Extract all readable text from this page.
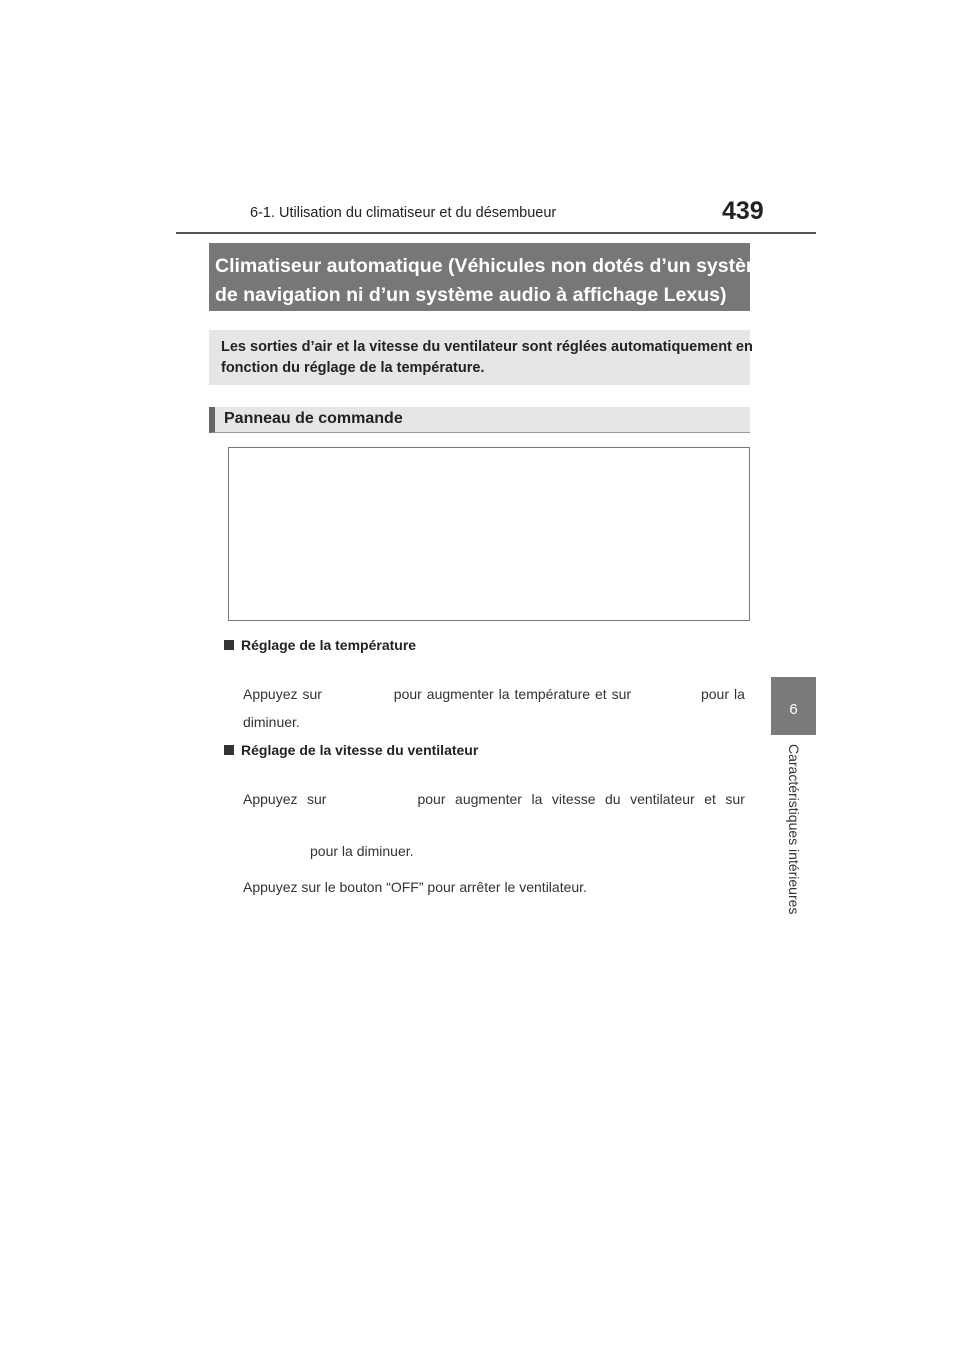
6-1. Utilisation du climatiseur et du désembueur	439
6
Caractéristiques intérieures
Climatiseur automatique (Véhicules non dotés d’un système
de navigation ni d’un système audio à affichage Lexus)
Les sorties d’air et la vitesse du ventilateur sont réglées automatiquement en
fonction du réglage de la température.
Panneau de commande
Réglage de la température
Appuyez sur	pour augmenter la température et sur	pour la
diminuer.
Réglage de la vitesse du ventilateur
Appuyez sur	pour augmenter la vitesse du ventilateur et sur
pour la diminuer.
Appuyez sur le bouton “OFF” pour arrêter le ventilateur.
